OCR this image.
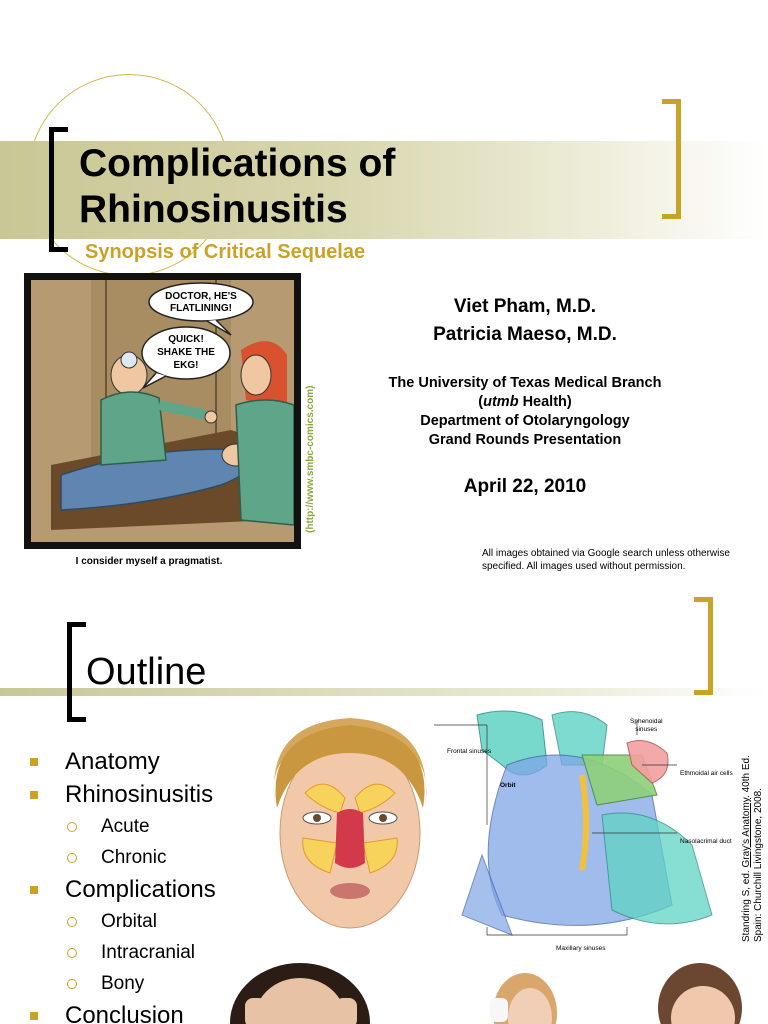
Complications of
Rhinosinusitis
Synopsis of Critical Sequelae
DOCTOR, HE'S
FLATLINING!
QUICK!
SHAKE THE
EKG!
I consider myself a pragmatist.
(http://www.smbc-comics.com)
Viet Pham, M.D.
Patricia Maeso, M.D.
The University of Texas Medical Branch
(utmb Health)
Department of Otolaryngology
Grand Rounds Presentation
April 22, 2010
All images obtained via Google search unless otherwise specified. All images used without permission.
Outline
Anatomy
Rhinosinusitis
Acute
Chronic
Complications
Orbital
Intracranial
Bony
Conclusion
Frontal sinuses
Orbit
Sphenoidal
sinuses
Ethmoidal air cells
Nasolacrimal duct
Maxillary sinuses
Standring S, ed. Gray's Anatomy. 40th Ed.
Spain: Churchill Livingstone, 2008.
